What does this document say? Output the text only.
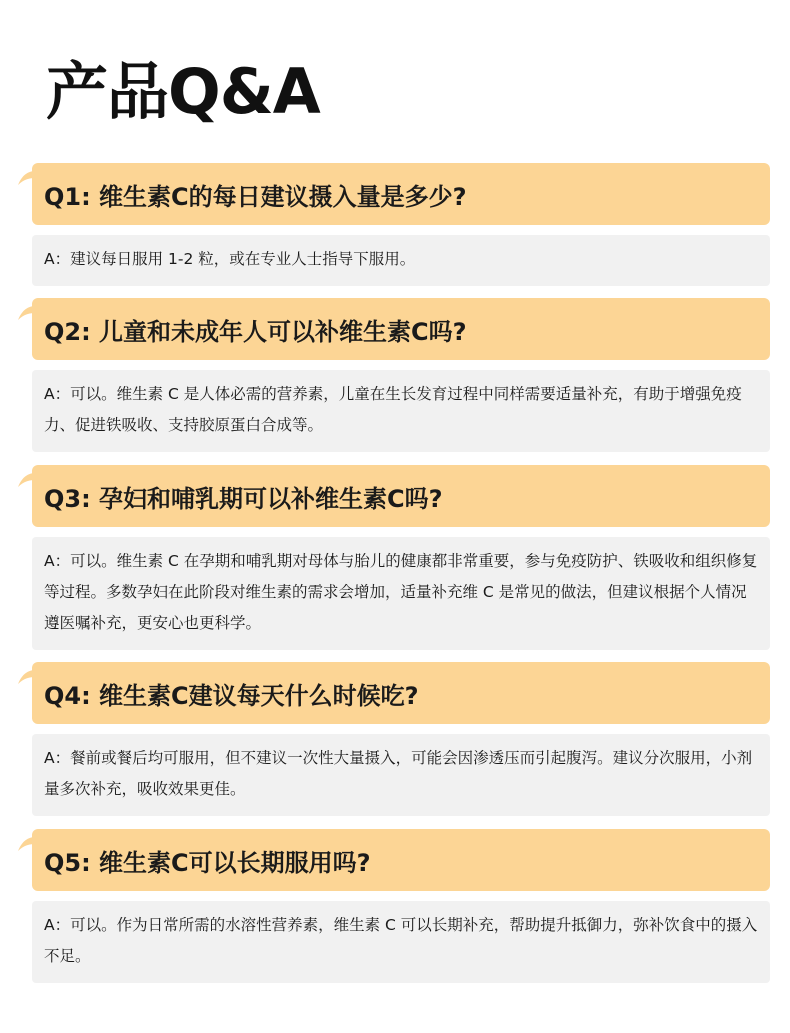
产品Q&A
Q1: 维生素C的每日建议摄入量是多少?
A：建议每日服用 1-2 粒，或在专业人士指导下服用。
Q2: 儿童和未成年人可以补维生素C吗?
A：可以。维生素 C 是人体必需的营养素，儿童在生长发育过程中同样需要适量补充，有助于增强免疫力、促进铁吸收、支持胶原蛋白合成等。
Q3: 孕妇和哺乳期可以补维生素C吗?
A：可以。维生素 C 在孕期和哺乳期对母体与胎儿的健康都非常重要，参与免疫防护、铁吸收和组织修复等过程。多数孕妇在此阶段对维生素的需求会增加，适量补充维 C 是常见的做法，但建议根据个人情况遵医嘱补充，更安心也更科学。
Q4: 维生素C建议每天什么时候吃?
A：餐前或餐后均可服用，但不建议一次性大量摄入，可能会因渗透压而引起腹泻。建议分次服用，小剂量多次补充，吸收效果更佳。
Q5: 维生素C可以长期服用吗?
A：可以。作为日常所需的水溶性营养素，维生素 C 可以长期补充，帮助提升抵御力，弥补饮食中的摄入不足。
